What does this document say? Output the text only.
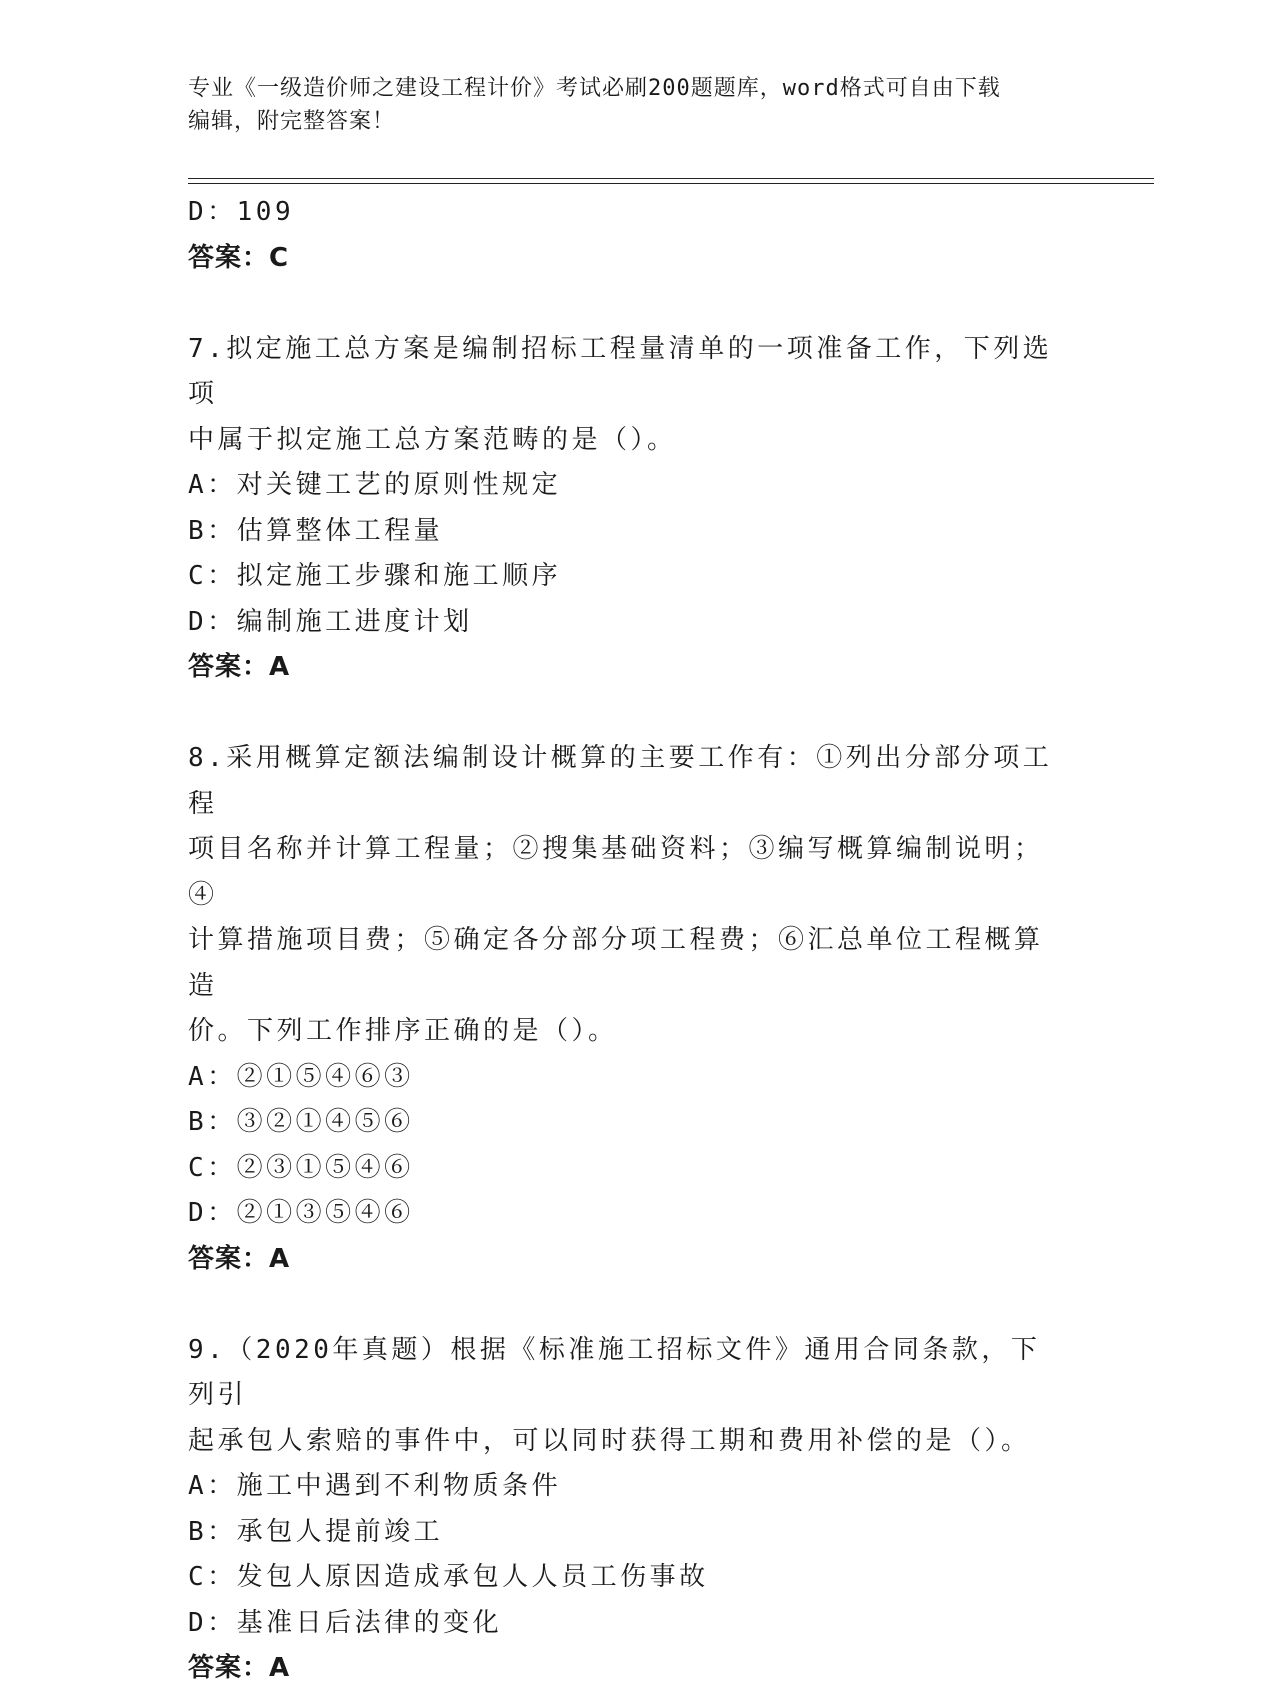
专业《一级造价师之建设工程计价》考试必刷200题题库，word格式可自由下载
编辑，附完整答案！
D：109
答案：C
7.拟定施工总方案是编制招标工程量清单的一项准备工作，下列选项
中属于拟定施工总方案范畴的是（）。
A：对关键工艺的原则性规定
B：估算整体工程量
C：拟定施工步骤和施工顺序
D：编制施工进度计划
答案：A
8.采用概算定额法编制设计概算的主要工作有：①列出分部分项工程
项目名称并计算工程量；②搜集基础资料；③编写概算编制说明；④
计算措施项目费；⑤确定各分部分项工程费；⑥汇总单位工程概算造
价。下列工作排序正确的是（）。
A：②①⑤④⑥③
B：③②①④⑤⑥
C：②③①⑤④⑥
D：②①③⑤④⑥
答案：A
9.（2020年真题）根据《标准施工招标文件》通用合同条款，下列引
起承包人索赔的事件中，可以同时获得工期和费用补偿的是（）。
A：施工中遇到不利物质条件
B：承包人提前竣工
C：发包人原因造成承包人人员工伤事故
D：基准日后法律的变化
答案：A
